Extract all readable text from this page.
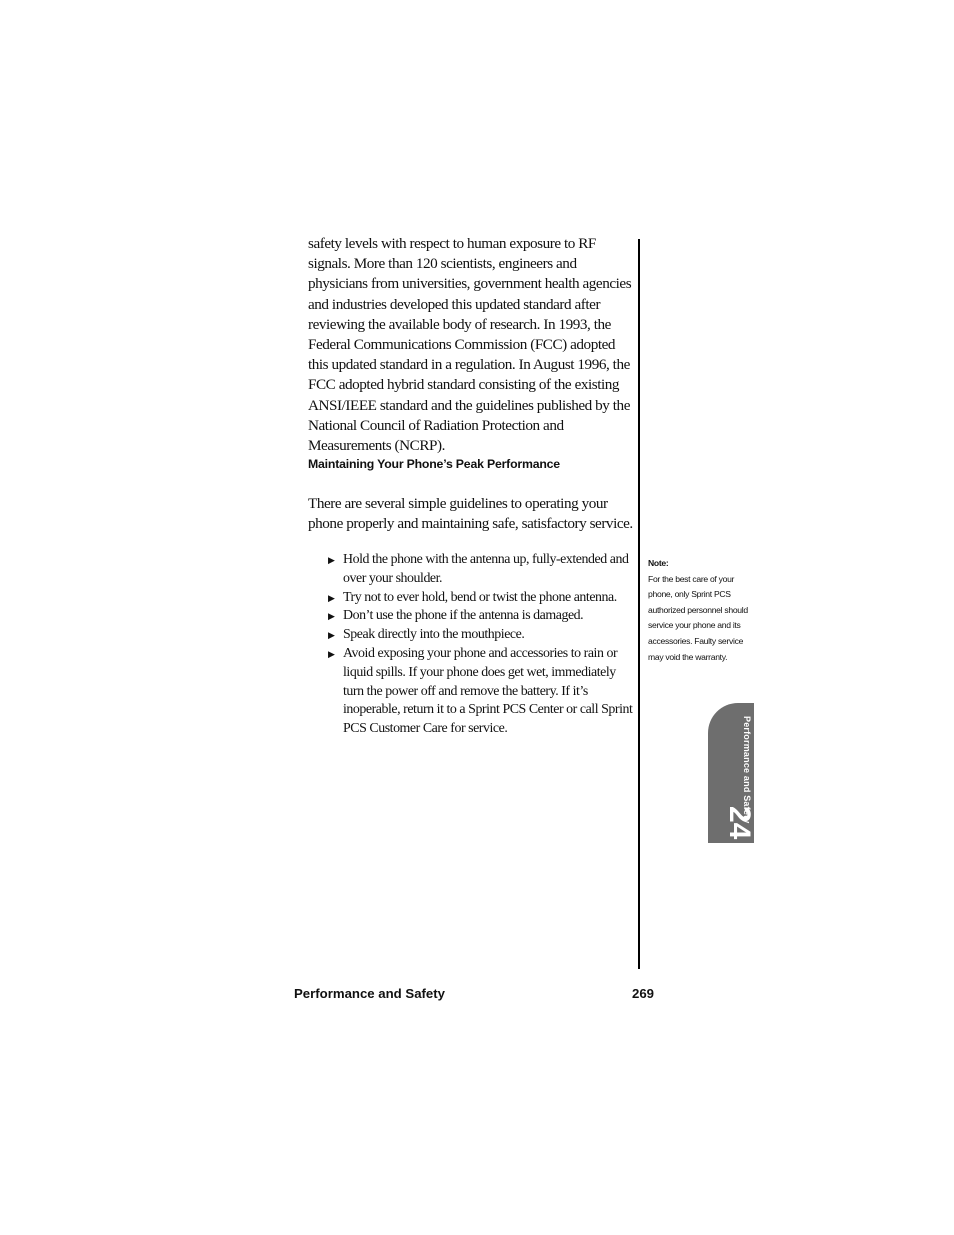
safety levels with respect to human exposure to RF signals. More than 120 scientists, engineers and physicians from universities, government health agencies and industries developed this updated standard after reviewing the available body of research. In 1993, the Federal Communications Commission (FCC) adopted this updated standard in a regulation. In August 1996, the FCC adopted hybrid standard consisting of the existing ANSI/IEEE standard and the guidelines published by the National Council of Radiation Protection and Measurements (NCRP).

Maintaining Your Phone’s Peak Performance
There are several simple guidelines to operating your phone properly and maintaining safe, satisfactory service.
▶ Hold the phone with the antenna up, fully-extended and over your shoulder.
▶ Try not to ever hold, bend or twist the phone antenna.
▶ Don’t use the phone if the antenna is damaged.
▶ Speak directly into the mouthpiece.
▶ Avoid exposing your phone and accessories to rain or liquid spills. If your phone does get wet, immediately turn the power off and remove the battery. If it’s inoperable, return it to a Sprint PCS Center or call Sprint PCS Customer Care for service.
Note:
For the best care of your phone, only Sprint PCS authorized personnel should service your phone and its accessories. Faulty service may void the warranty.
Performance and Safety
24
Performance and Safety	269
